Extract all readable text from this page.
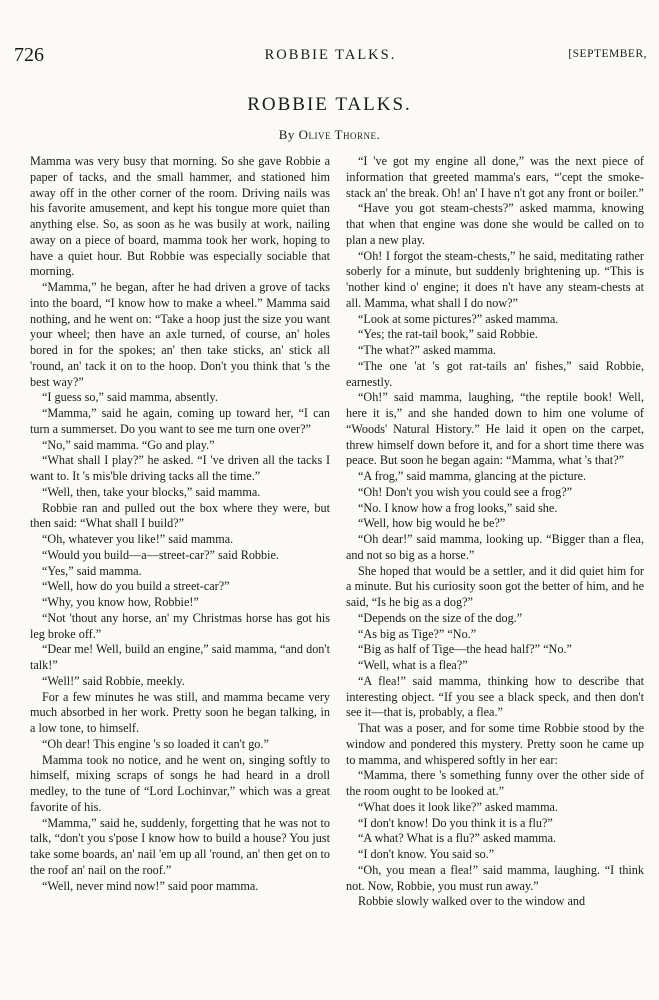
726	ROBBIE TALKS.	[SEPTEMBER,
ROBBIE TALKS.
By Olive Thorne.

Mamma was very busy that morning. So she gave Robbie a paper of tacks, and the small hammer, and stationed him away off in the other corner of the room. Driving nails was his favorite amusement, and kept his tongue more quiet than anything else. So, as soon as he was busily at work, nailing away on a piece of board, mamma took her work, hoping to have a quiet hour. But Robbie was especially sociable that morning.

“Mamma,” he began, after he had driven a grove of tacks into the board, “I know how to make a wheel.” Mamma said nothing, and he went on: “Take a hoop just the size you want your wheel; then have an axle turned, of course, an' holes bored in for the spokes; an' then take sticks, an' stick all 'round, an' tack it on to the hoop. Don't you think that 's the best way?”

“I guess so,” said mamma, absently.

“Mamma,” said he again, coming up toward her, “I can turn a summerset. Do you want to see me turn one over?”

“No,” said mamma. “Go and play.”

“What shall I play?” he asked. “I 've driven all the tacks I want to. It 's mis'ble driving tacks all the time.”

“Well, then, take your blocks,” said mamma.

Robbie ran and pulled out the box where they were, but then said: “What shall I build?”

“Oh, whatever you like!” said mamma.

“Would you build—a—street-car?” said Robbie.

“Yes,” said mamma.

“Well, how do you build a street-car?”

“Why, you know how, Robbie!”

“Not 'thout any horse, an' my Christmas horse has got his leg broke off.”

“Dear me! Well, build an engine,” said mamma, “and don't talk!”

“Well!” said Robbie, meekly.

For a few minutes he was still, and mamma became very much absorbed in her work. Pretty soon he began talking, in a low tone, to himself.

“Oh dear! This engine 's so loaded it can't go.”

Mamma took no notice, and he went on, singing softly to himself, mixing scraps of songs he had heard in a droll medley, to the tune of “Lord Lochinvar,” which was a great favorite of his.

“Mamma,” said he, suddenly, forgetting that he was not to talk, “don't you s'pose I know how to build a house? You just take some boards, an' nail 'em up all 'round, an' then get on to the roof an' nail on the roof.”

“Well, never mind now!” said poor mamma.

“I 've got my engine all done,” was the next piece of information that greeted mamma's ears, “'cept the smoke-stack an' the break. Oh! an' I have n't got any front or boiler.”

“Have you got steam-chests?” asked mamma, knowing that when that engine was done she would be called on to plan a new play.

“Oh! I forgot the steam-chests,” he said, meditating rather soberly for a minute, but suddenly brightening up. “This is 'nother kind o' engine; it does n't have any steam-chests at all. Mamma, what shall I do now?”

“Look at some pictures?” asked mamma.

“Yes; the rat-tail book,” said Robbie.

“The what?” asked mamma.

“The one 'at 's got rat-tails an' fishes,” said Robbie, earnestly.

“Oh!” said mamma, laughing, “the reptile book! Well, here it is,” and she handed down to him one volume of “Woods' Natural History.” He laid it open on the carpet, threw himself down before it, and for a short time there was peace. But soon he began again: “Mamma, what 's that?”

“A frog,” said mamma, glancing at the picture.

“Oh! Don't you wish you could see a frog?”

“No. I know how a frog looks,” said she.

“Well, how big would he be?”

“Oh dear!” said mamma, looking up. “Bigger than a flea, and not so big as a horse.”

She hoped that would be a settler, and it did quiet him for a minute. But his curiosity soon got the better of him, and he said, “Is he big as a dog?”

“Depends on the size of the dog.”

“As big as Tige?” “No.”

“Big as half of Tige—the head half?” “No.”

“Well, what is a flea?”

“A flea!” said mamma, thinking how to describe that interesting object. “If you see a black speck, and then don't see it—that is, probably, a flea.”

That was a poser, and for some time Robbie stood by the window and pondered this mystery. Pretty soon he came up to mamma, and whispered softly in her ear:

“Mamma, there 's something funny over the other side of the room ought to be looked at.”

“What does it look like?” asked mamma.

“I don't know! Do you think it is a flu?”

“A what? What is a flu?” asked mamma.

“I don't know. You said so.”

“Oh, you mean a flea!” said mamma, laughing. “I think not. Now, Robbie, you must run away.”

Robbie slowly walked over to the window and
